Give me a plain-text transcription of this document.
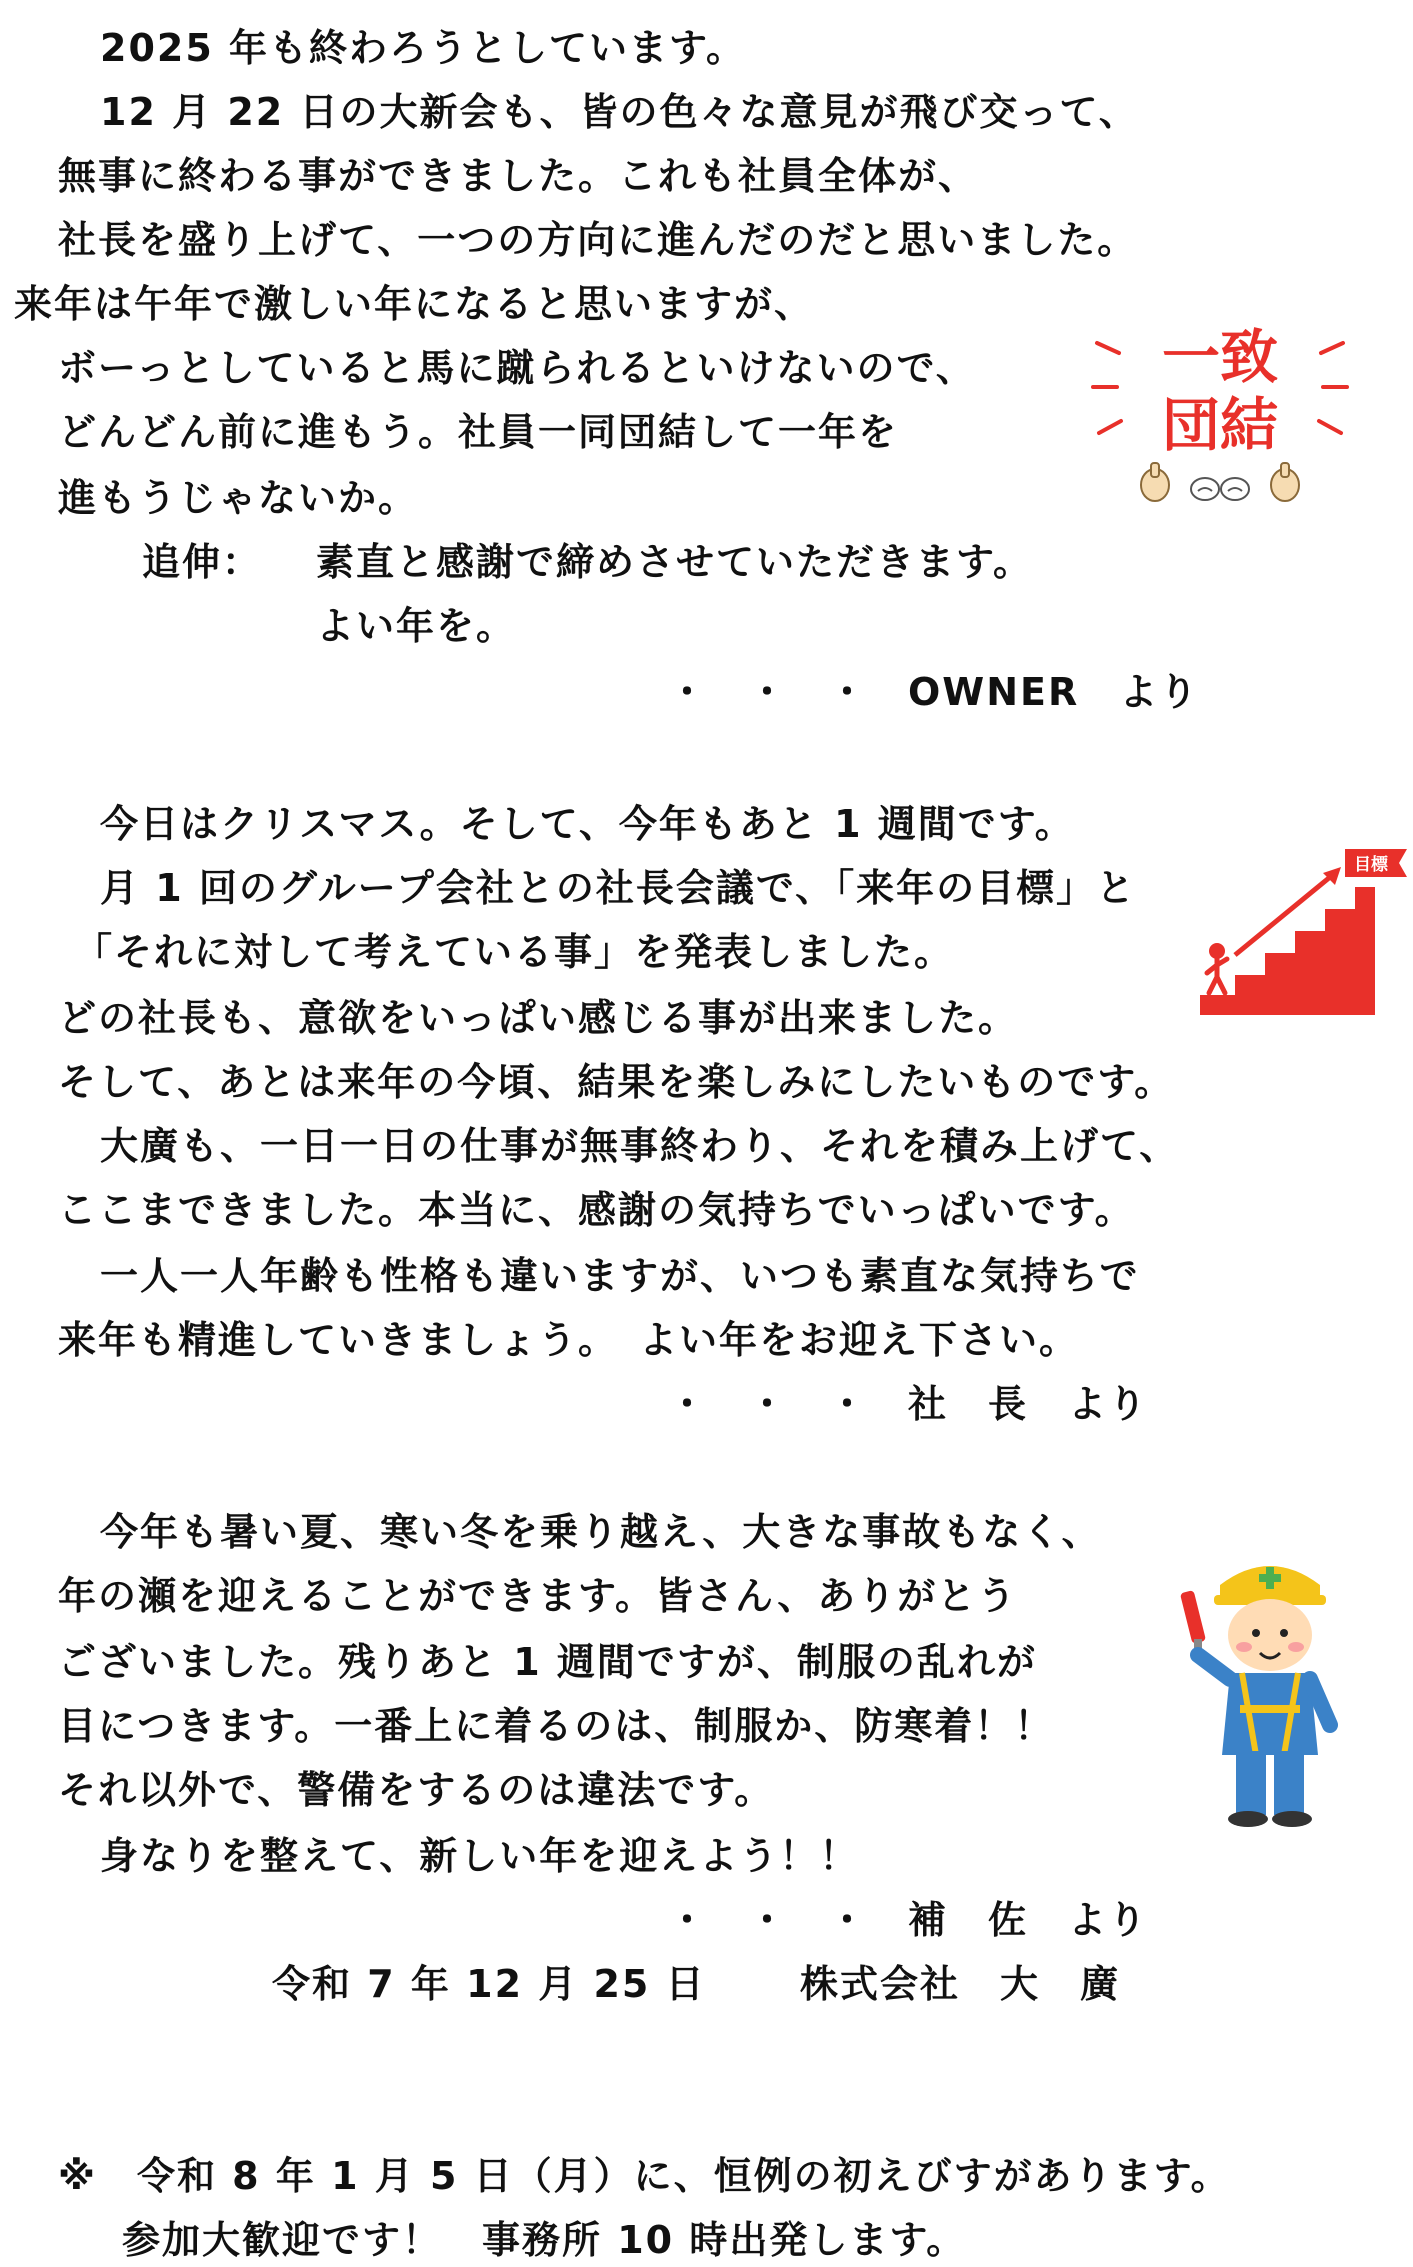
2025 年も終わろうとしています。
12 月 22 日の大新会も、皆の色々な意見が飛び交って、
無事に終わる事ができました。これも社員全体が、
社長を盛り上げて、一つの方向に進んだのだと思いました。
来年は午年で激しい年になると思いますが、
ボーっとしていると馬に蹴られるといけないので、
どんどん前に進もう。社員一同団結して一年を
進もうじゃないか。
追伸： 素直と感謝で締めさせていただきます。
よい年を。
・　・　・　OWNER　より
一致
団結
今日はクリスマス。そして、今年もあと 1 週間です。
月 1 回のグループ会社との社長会議で、「来年の目標」と
「それに対して考えている事」を発表しました。
どの社長も、意欲をいっぱい感じる事が出来ました。
そして、あとは来年の今頃、結果を楽しみにしたいものです。
大廣も、一日一日の仕事が無事終わり、それを積み上げて、
ここまできました。本当に、感謝の気持ちでいっぱいです。
一人一人年齢も性格も違いますが、いつも素直な気持ちで
来年も精進していきましょう。　よい年をお迎え下さい。
・　・　・　社　長　より
目標
今年も暑い夏、寒い冬を乗り越え、大きな事故もなく、
年の瀬を迎えることができます。皆さん、ありがとう
ございました。残りあと 1 週間ですが、制服の乱れが
目につきます。一番上に着るのは、制服か、防寒着！！
それ以外で、警備をするのは違法です。
身なりを整えて、新しい年を迎えよう！！
・　・　・　補　佐　より
令和 7 年 12 月 25 日 株式会社　大　廣
※　令和 8 年 1 月 5 日（月）に、恒例の初えびすがあります。
参加大歓迎です！　事務所 10 時出発します。
